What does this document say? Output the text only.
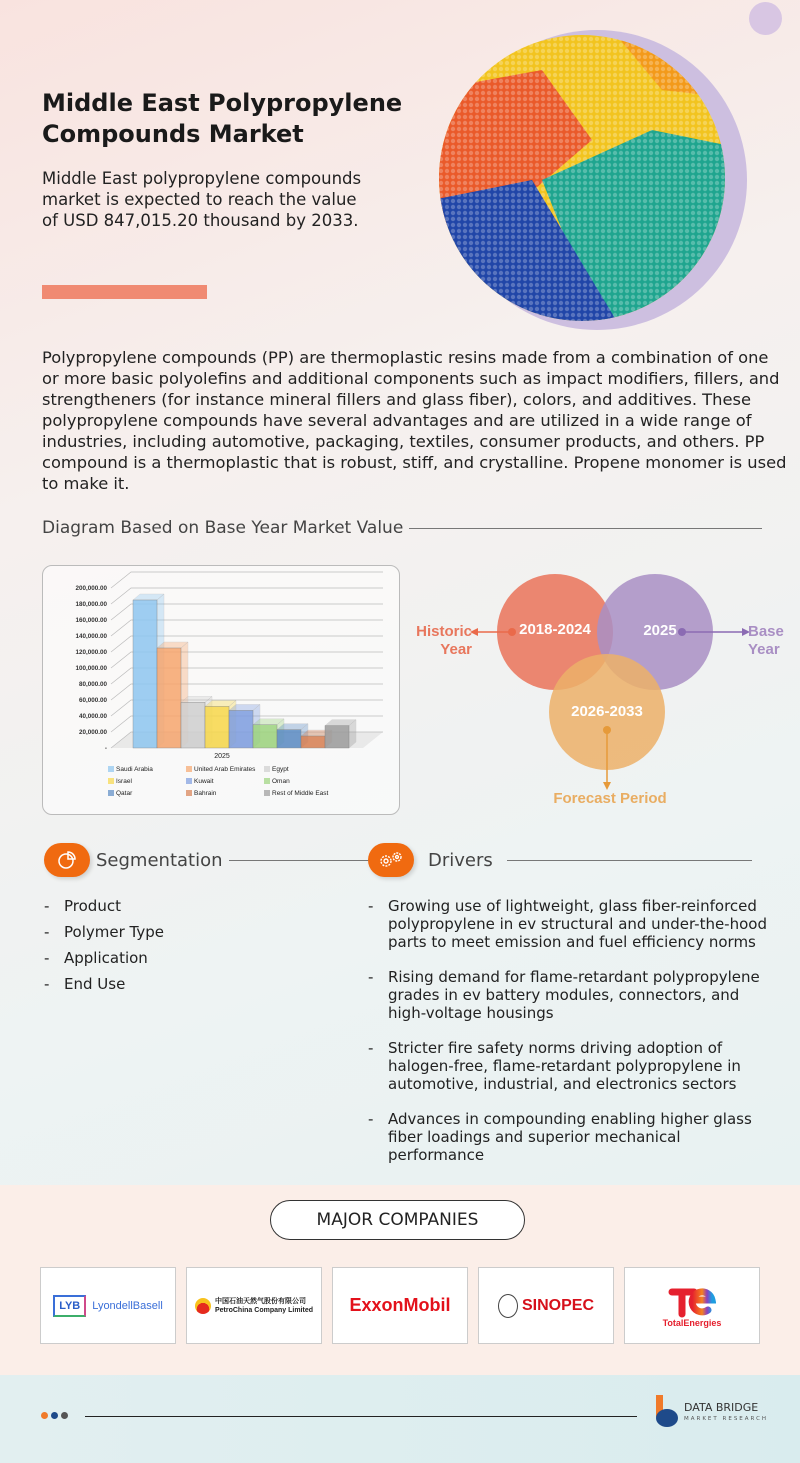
Middle East Polypropylene Compounds Market

Middle East polypropylene compounds market is expected to reach the value of USD 847,015.20 thousand by 2033.

Polypropylene compounds (PP) are thermoplastic resins made from a combination of one or more basic polyolefins and additional components such as impact modifiers, fillers, and strengtheners (for instance mineral fillers and glass fiber), colors, and additives. These polypropylene compounds have several advantages and are utilized in a wide range of industries, including automotive, packaging, textiles, consumer products, and others. PP compound is a thermoplastic that is robust, stiff, and crystalline. Propene monomer is used to make it.

Diagram Based on Base Year Market Value
-
20,000.00
40,000.00
60,000.00
80,000.00
100,000.00
120,000.00
140,000.00
160,000.00
180,000.00
200,000.00
2025
Saudi Arabia	United Arab Emirates	Egypt
Israel	Kuwait	Oman
Qatar	Bahrain	Rest of Middle East
2018-2024	2025
2026-2033
Historic
Year
Base
Year
Forecast Period
Segmentation	Drivers
- Product
- Polymer Type
- Application
- End Use
- Growing use of lightweight, glass fiber-reinforced polypropylene in ev structural and under-the-hood parts to meet emission and fuel efficiency norms
- Rising demand for flame-retardant polypropylene grades in ev battery modules, connectors, and high-voltage housings
- Stricter fire safety norms driving adoption of halogen-free, flame-retardant polypropylene in automotive, industrial, and electronics sectors
- Advances in compounding enabling higher glass fiber loadings and superior mechanical performance
MAJOR COMPANIES
LYB	LyondellBasell	中国石油天然气股份有限公司
PetroChina Company Limited	ExxonMobil	SINOPEC
TotalEnergies
DATA BRIDGE
MARKET RESEARCH
